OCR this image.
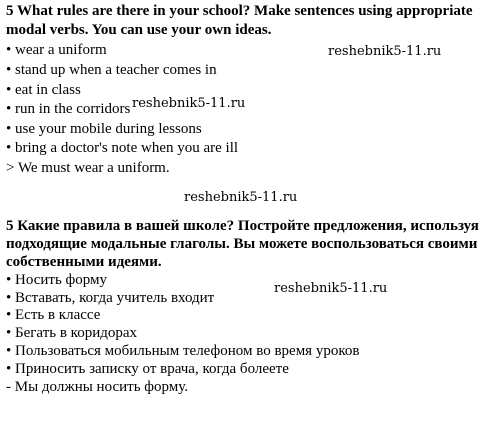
5 What rules are there in your school? Make sentences using appropriate
modal verbs. You can use your own ideas.
• wear a uniform
• stand up when a teacher comes in
• eat in class
• run in the corridors
• use your mobile during lessons
• bring a doctor's note when you are ill
> We must wear a uniform.
5 Какие правила в вашей школе? Постройте предложения, используя
подходящие модальные глаголы. Вы можете воспользоваться своими
собственными идеями.
• Носить форму
• Вставать, когда учитель входит
• Есть в классе
• Бегать в коридорах
• Пользоваться мобильным телефоном во время уроков
• Приносить записку от врача, когда болеете
- Мы должны носить форму.
reshebnik5-11.ru
reshebnik5-11.ru
reshebnik5-11.ru
reshebnik5-11.ru
